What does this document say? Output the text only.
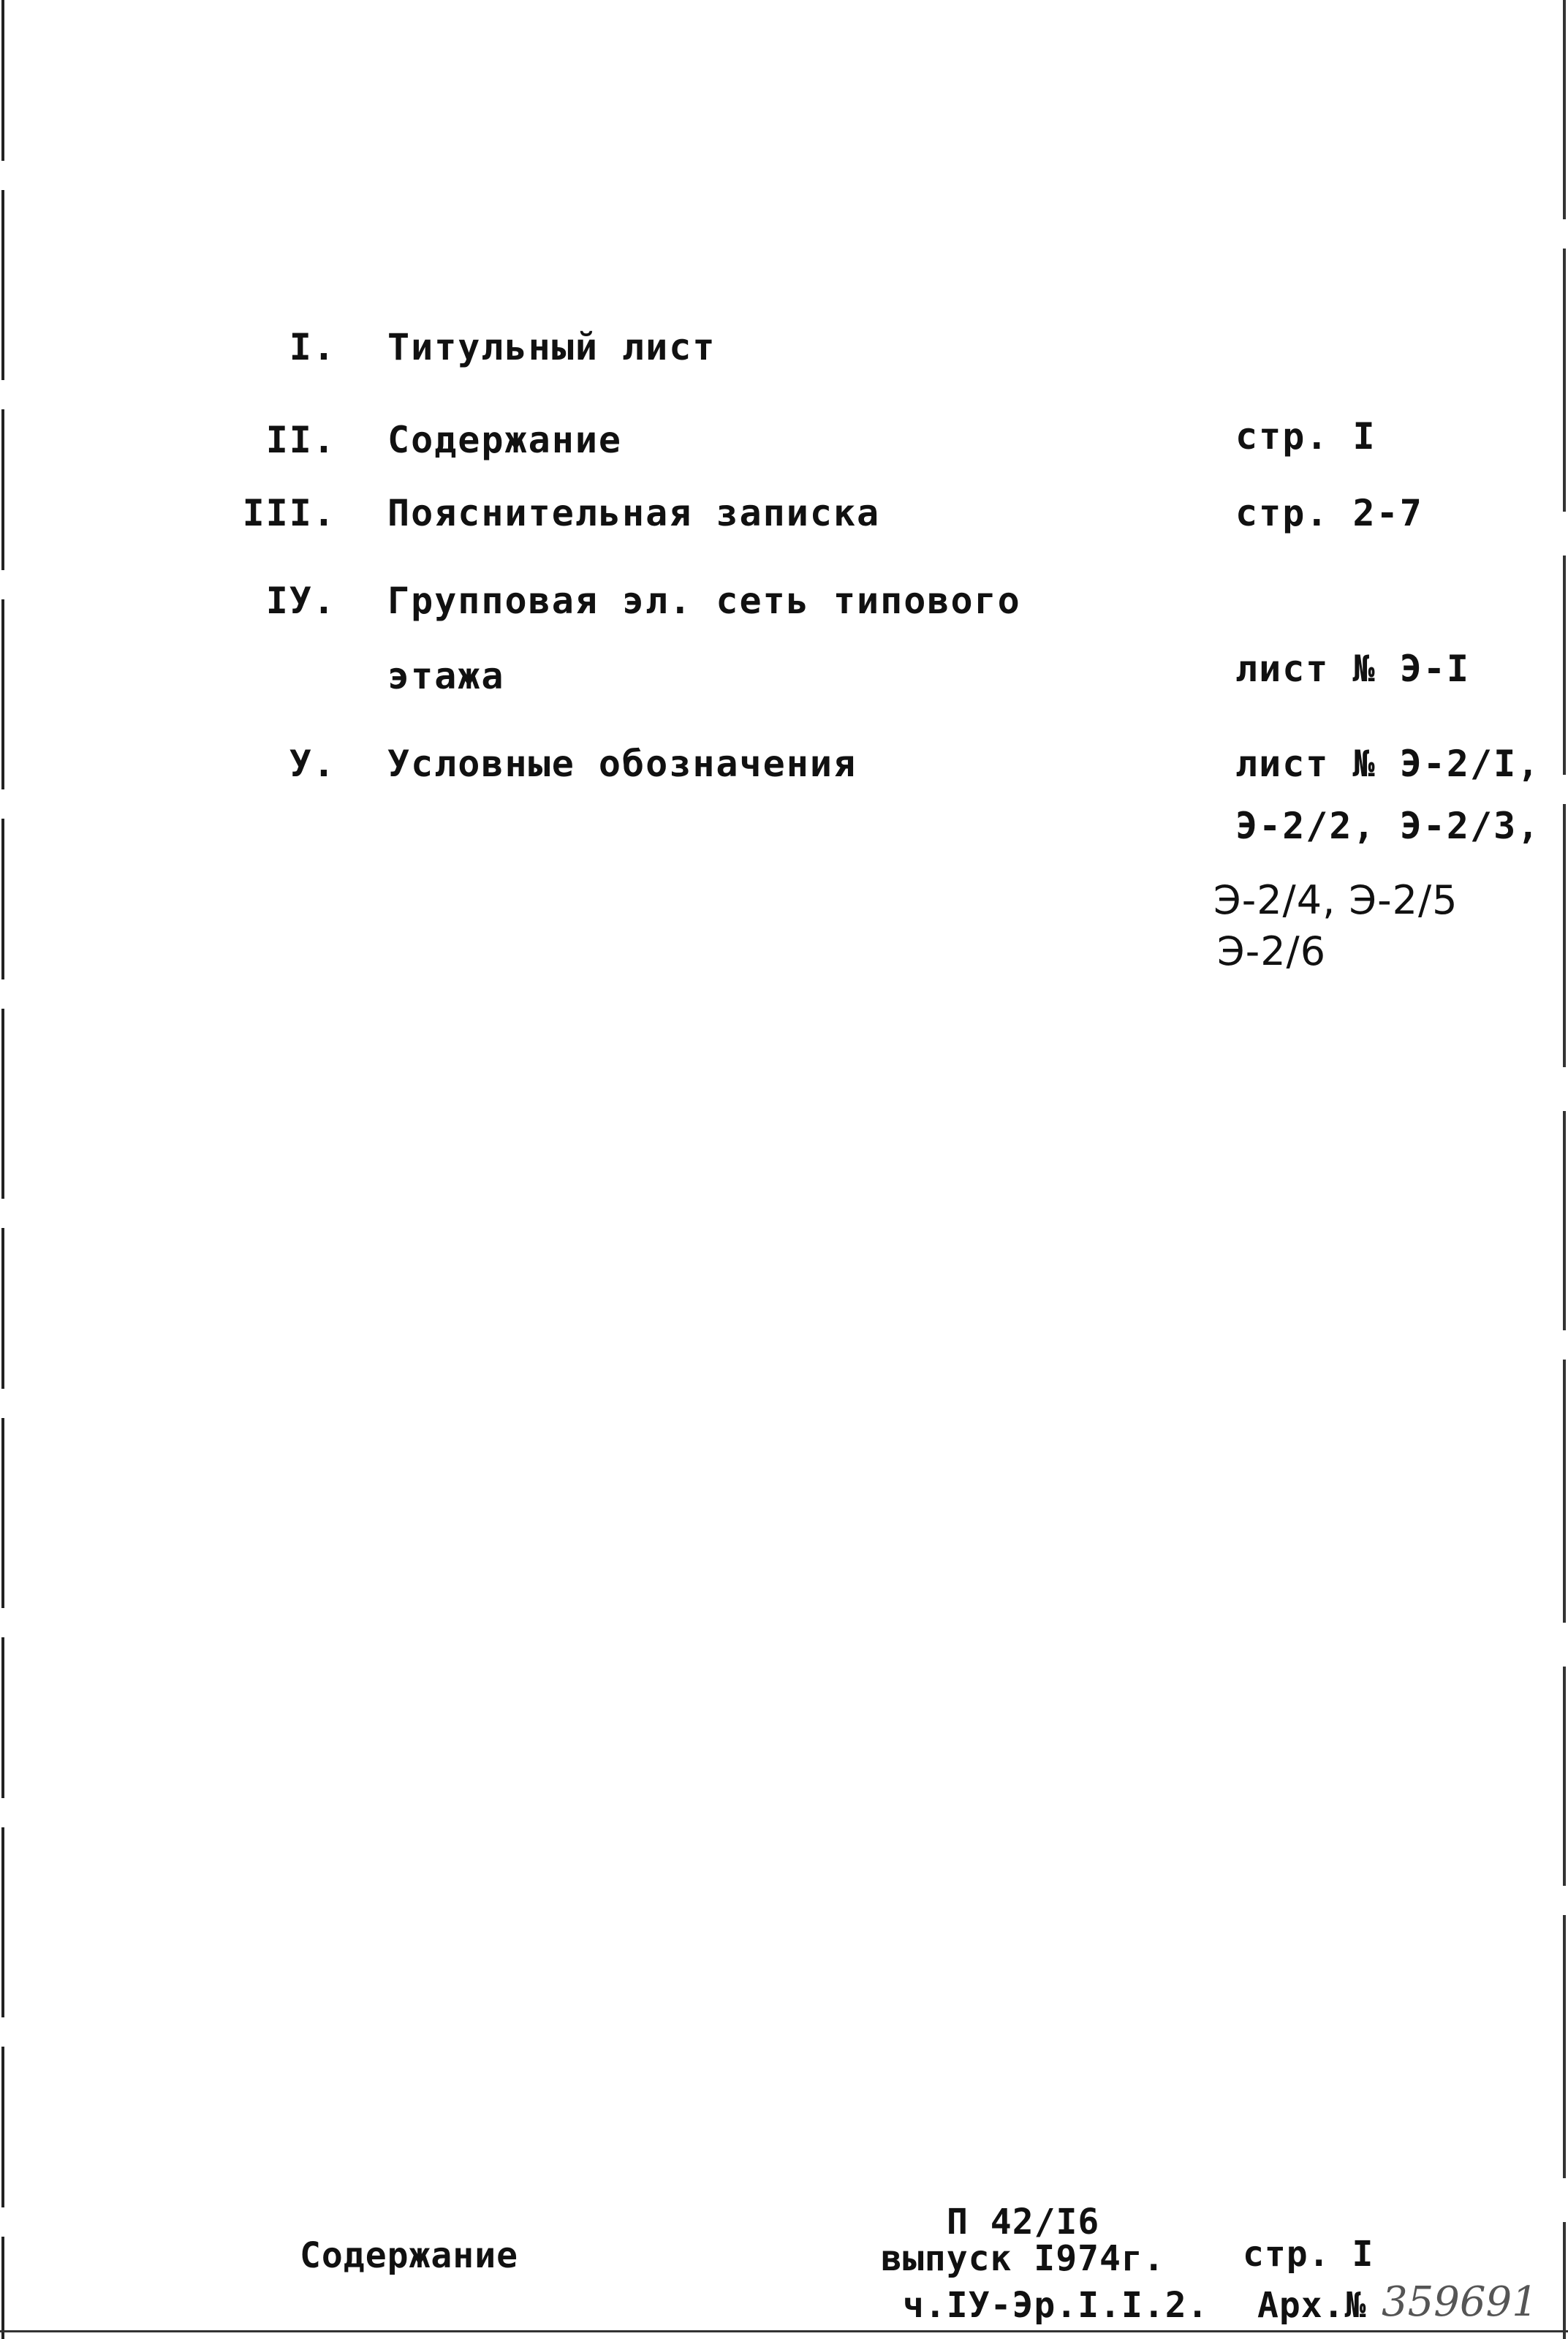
I. Титульный лист
II. Содержание	стр. I
III. Пояснительная записка	стр. 2-7
IУ. Групповая эл. сеть типового
этажа	лист № Э-I
У. Условные обозначения	лист № Э-2/I,
Э-2/2, Э-2/3,
Э-2/4, Э-2/5
Э-2/6
Содержание
П 42/I6
выпуск I974г.
ч.IУ-Эр.I.I.2.
стр. I
Арх.№ 359691
